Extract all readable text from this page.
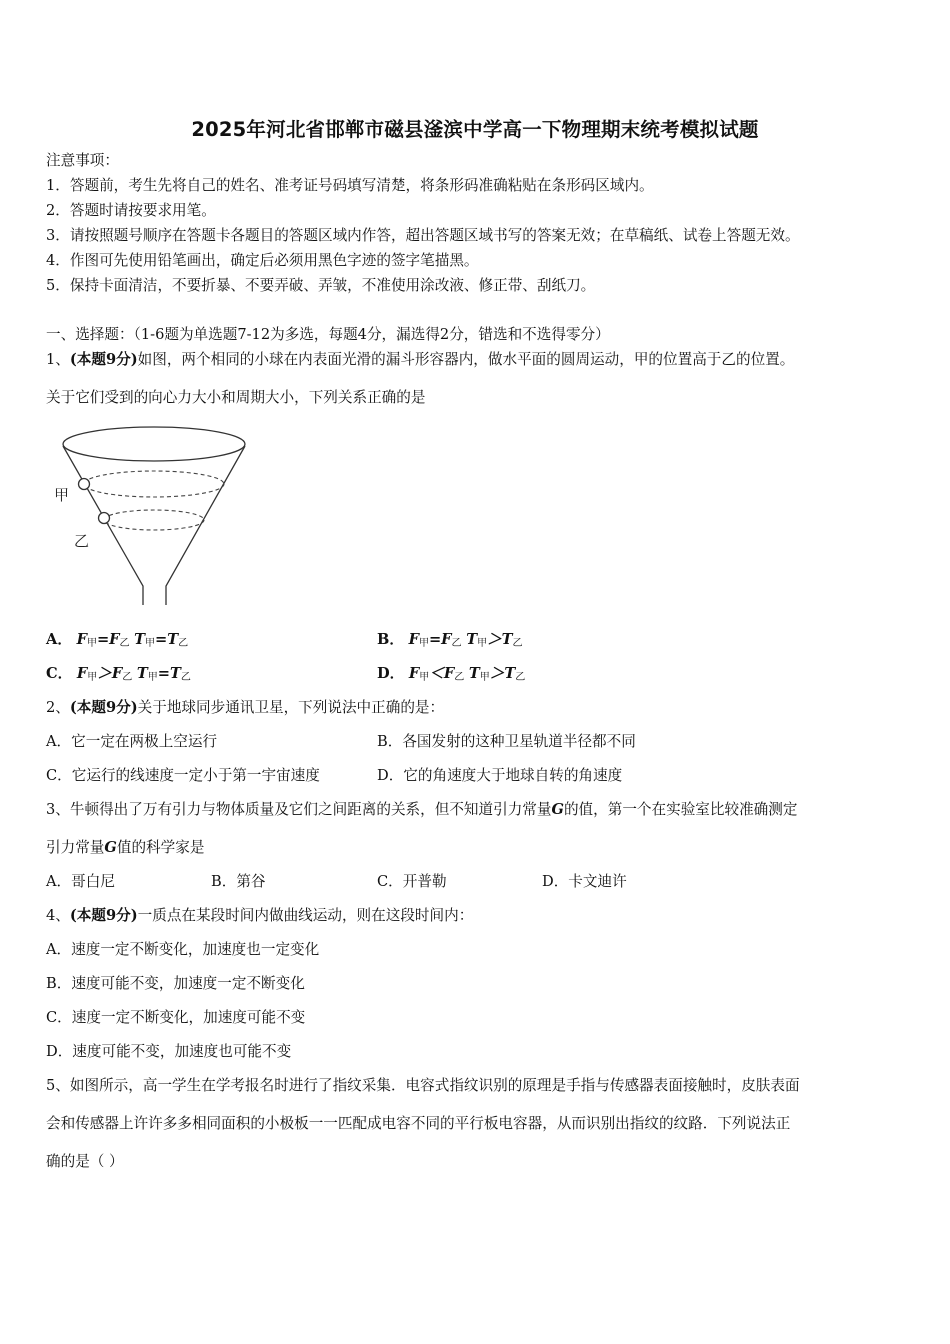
2025年河北省邯郸市磁县滏滨中学高一下物理期末统考模拟试题
注意事项：
1．答题前，考生先将自己的姓名、准考证号码填写清楚，将条形码准确粘贴在条形码区域内。
2．答题时请按要求用笔。
3．请按照题号顺序在答题卡各题目的答题区域内作答，超出答题区域书写的答案无效；在草稿纸、试卷上答题无效。
4．作图可先使用铅笔画出，确定后必须用黑色字迹的签字笔描黑。
5．保持卡面清洁，不要折暴、不要弄破、弄皱，不准使用涂改液、修正带、刮纸刀。
一、选择题：（1-6题为单选题7-12为多选，每题4分，漏选得2分，错选和不选得零分）
1、(本题9分)如图，两个相同的小球在内表面光滑的漏斗形容器内，做水平面的圆周运动，甲的位置高于乙的位置。
关于它们受到的向心力大小和周期大小，下列关系正确的是
甲
乙
A． $F_甲=F_乙$ $T_甲=T_乙$	B． $F_甲=F_乙$ $T_甲>T_乙$
C． $F_甲>F_乙$ $T_甲=T_乙$	D． $F_甲<F_乙$ $T_甲>T_乙$
2、(本题9分)关于地球同步通讯卫星，下列说法中正确的是：
A．它一定在两极上空运行	B．各国发射的这种卫星轨道半径都不同
C．它运行的线速度一定小于第一宇宙速度	D．它的角速度大于地球自转的角速度
3、牛顿得出了万有引力与物体质量及它们之间距离的关系，但不知道引力常量G的值，第一个在实验室比较准确测定
引力常量G值的科学家是
A．哥白尼	B．第谷	C．开普勒	D．卡文迪许
4、(本题9分)一质点在某段时间内做曲线运动，则在这段时间内：
A．速度一定不断变化，加速度也一定变化
B．速度可能不变，加速度一定不断变化
C．速度一定不断变化，加速度可能不变
D．速度可能不变，加速度也可能不变
5、如图所示，高一学生在学考报名时进行了指纹采集．电容式指纹识别的原理是手指与传感器表面接触时，皮肤表面
会和传感器上许许多多相同面积的小极板一一匹配成电容不同的平行板电容器，从而识别出指纹的纹路．下列说法正
确的是（ ）
